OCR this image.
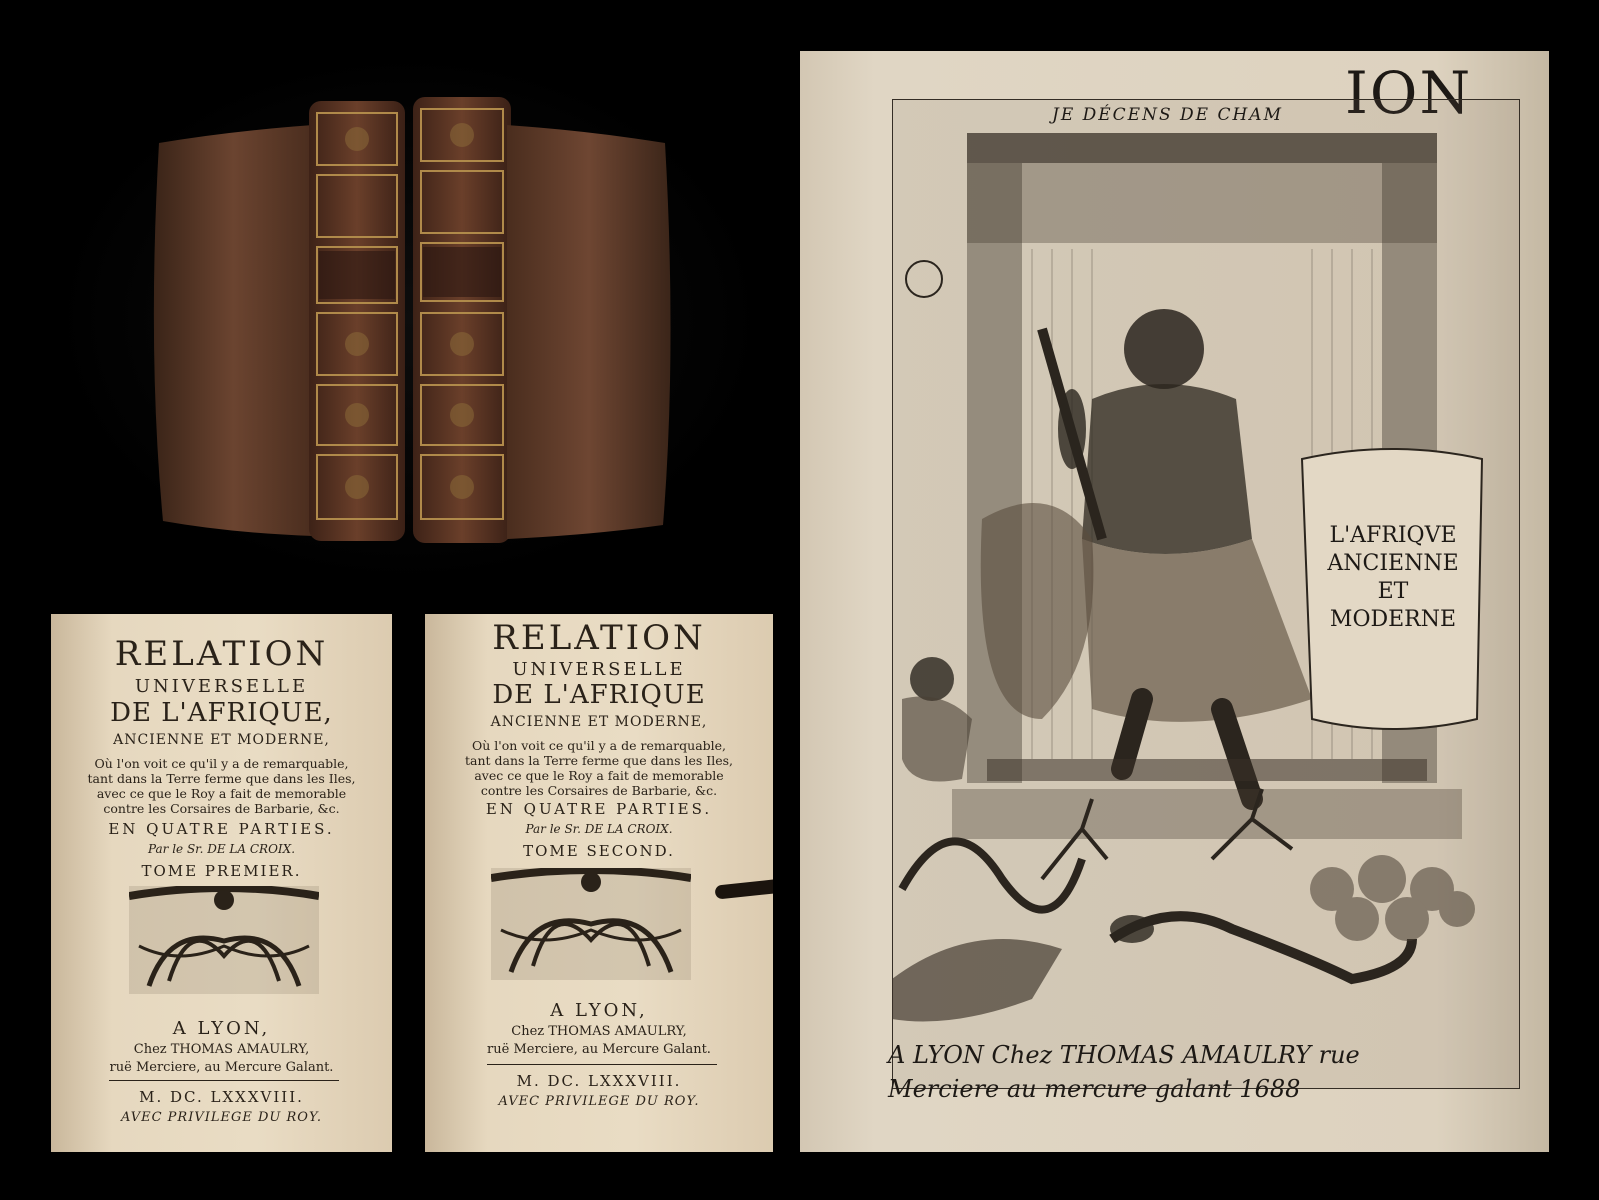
RELATION
UNIVERSELLE
DE L'AFRIQUE,
ANCIENNE ET MODERNE,
Où l'on voit ce qu'il y a de remarquable,
tant dans la Terre ferme que dans les Iles,
avec ce que le Roy a fait de memorable
contre les Corsaires de Barbarie, &c.
EN QUATRE PARTIES.
Par le Sr. DE LA CROIX.
TOME PREMIER.
A LYON,
Chez THOMAS AMAULRY,
ruë Merciere, au Mercure Galant.
M. DC. LXXXVIII.
AVEC PRIVILEGE DU ROY.
RELATION
UNIVERSELLE
DE L'AFRIQUE
ANCIENNE ET MODERNE,
Où l'on voit ce qu'il y a de remarquable,
tant dans la Terre ferme que dans les Iles,
avec ce que le Roy a fait de memorable
contre les Corsaires de Barbarie, &c.
EN QUATRE PARTIES.
Par le Sr. DE LA CROIX.
TOME SECOND.
A LYON,
Chez THOMAS AMAULRY,
ruë Merciere, au Mercure Galant.
M. DC. LXXXVIII.
AVEC PRIVILEGE DU ROY.
ION
JE DÉCENS DE CHAM
L'AFRIQVE
ANCIENNE
ET
MODERNE
A LYON Chez THOMAS AMAULRY rue
Merciere au mercure galant 1688
